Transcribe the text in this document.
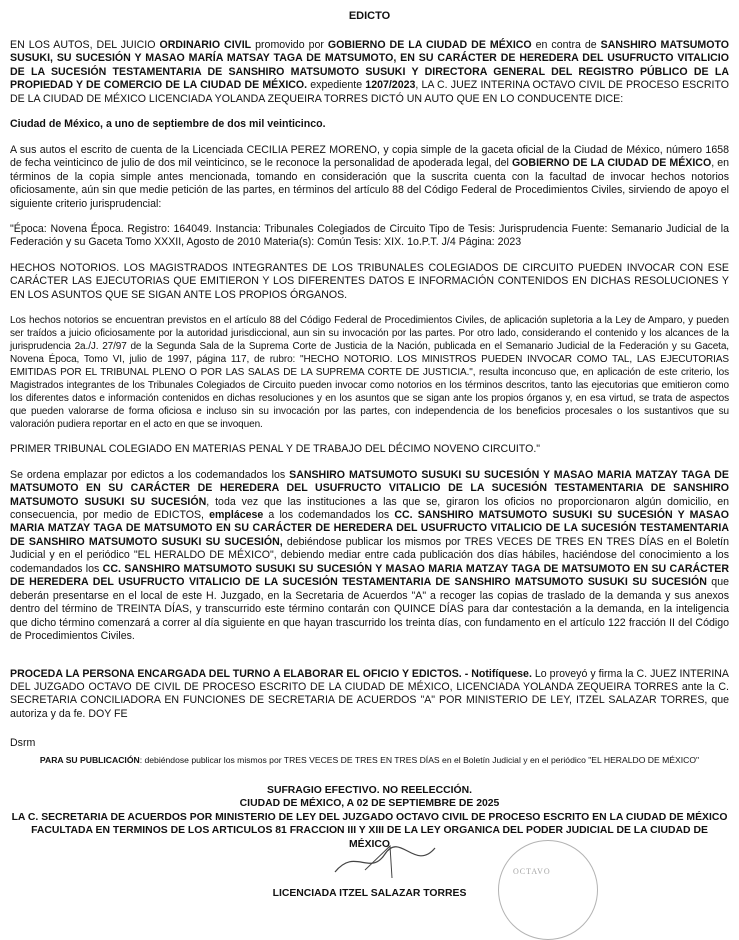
EDICTO

EN LOS AUTOS, DEL JUICIO ORDINARIO CIVIL promovido por GOBIERNO DE LA CIUDAD DE MÉXICO en contra de SANSHIRO MATSUMOTO SUSUKI, SU SUCESIÓN Y MASAO MARÍA MATSAY TAGA DE MATSUMOTO, EN SU CARÁCTER DE HEREDERA DEL USUFRUCTO VITALICIO DE LA SUCESIÓN TESTAMENTARIA DE SANSHIRO MATSUMOTO SUSUKI Y DIRECTORA GENERAL DEL REGISTRO PÚBLICO DE LA PROPIEDAD Y DE COMERCIO DE LA CIUDAD DE MÉXICO. expediente 1207/2023, LA C. JUEZ INTERINA OCTAVO CIVIL DE PROCESO ESCRITO DE LA CIUDAD DE MÉXICO LICENCIADA YOLANDA ZEQUEIRA TORRES DICTÓ UN AUTO QUE EN LO CONDUCENTE DICE:

Ciudad de México, a uno de septiembre de dos mil veinticinco.

A sus autos el escrito de cuenta de la Licenciada CECILIA PEREZ MORENO, y copia simple de la gaceta oficial de la Ciudad de México, número 1658 de fecha veinticinco de julio de dos mil veinticinco, se le reconoce la personalidad de apoderada legal, del GOBIERNO DE LA CIUDAD DE MÉXICO, en términos de la copia simple antes mencionada, tomando en consideración que la suscrita cuenta con la facultad de invocar hechos notorios oficiosamente, aún sin que medie petición de las partes, en términos del artículo 88 del Código Federal de Procedimientos Civiles, sirviendo de apoyo el siguiente criterio jurisprudencial:

"Época: Novena Época. Registro: 164049. Instancia: Tribunales Colegiados de Circuito Tipo de Tesis: Jurisprudencia Fuente: Semanario Judicial de la Federación y su Gaceta Tomo XXXII, Agosto de 2010 Materia(s): Común Tesis: XIX. 1o.P.T. J/4 Página: 2023

HECHOS NOTORIOS. LOS MAGISTRADOS INTEGRANTES DE LOS TRIBUNALES COLEGIADOS DE CIRCUITO PUEDEN INVOCAR CON ESE CARÁCTER LAS EJECUTORIAS QUE EMITIERON Y LOS DIFERENTES DATOS E INFORMACIÓN CONTENIDOS EN DICHAS RESOLUCIONES Y EN LOS ASUNTOS QUE SE SIGAN ANTE LOS PROPIOS ÓRGANOS.

Los hechos notorios se encuentran previstos en el artículo 88 del Código Federal de Procedimientos Civiles, de aplicación supletoria a la Ley de Amparo, y pueden ser traídos a juicio oficiosamente por la autoridad jurisdiccional, aun sin su invocación por las partes. Por otro lado, considerando el contenido y los alcances de la jurisprudencia 2a./J. 27/97 de la Segunda Sala de la Suprema Corte de Justicia de la Nación, publicada en el Semanario Judicial de la Federación y su Gaceta, Novena Época, Tomo VI, julio de 1997, página 117, de rubro: "HECHO NOTORIO. LOS MINISTROS PUEDEN INVOCAR COMO TAL, LAS EJECUTORIAS EMITIDAS POR EL TRIBUNAL PLENO O POR LAS SALAS DE LA SUPREMA CORTE DE JUSTICIA.", resulta inconcuso que, en aplicación de este criterio, los Magistrados integrantes de los Tribunales Colegiados de Circuito pueden invocar como notorios en los términos descritos, tanto las ejecutorias que emitieron como los diferentes datos e información contenidos en dichas resoluciones y en los asuntos que se sigan ante los propios órganos y, en esa virtud, se trata de aspectos que pueden valorarse de forma oficiosa e incluso sin su invocación por las partes, con independencia de los beneficios procesales o los sustantivos que su valoración pudiera reportar en el acto en que se invoquen.

PRIMER TRIBUNAL COLEGIADO EN MATERIAS PENAL Y DE TRABAJO DEL DÉCIMO NOVENO CIRCUITO."

Se ordena emplazar por edictos a los codemandados los SANSHIRO MATSUMOTO SUSUKI SU SUCESIÓN Y MASAO MARIA MATZAY TAGA DE MATSUMOTO EN SU CARÁCTER DE HEREDERA DEL USUFRUCTO VITALICIO DE LA SUCESIÓN TESTAMENTARIA DE SANSHIRO MATSUMOTO SUSUKI SU SUCESIÓN, toda vez que las instituciones a las que se, giraron los oficios no proporcionaron algún domicilio, en consecuencia, por medio de EDICTOS, emplácese a los codemandados los CC. SANSHIRO MATSUMOTO SUSUKI SU SUCESIÓN Y MASAO MARIA MATZAY TAGA DE MATSUMOTO EN SU CARÁCTER DE HEREDERA DEL USUFRUCTO VITALICIO DE LA SUCESIÓN TESTAMENTARIA DE SANSHIRO MATSUMOTO SUSUKI SU SUCESIÓN, debiéndose publicar los mismos por TRES VECES DE TRES EN TRES DÍAS en el Boletín Judicial y en el periódico "EL HERALDO DE MÉXICO", debiendo mediar entre cada publicación dos días hábiles, haciéndose del conocimiento a los codemandados los CC. SANSHIRO MATSUMOTO SUSUKI SU SUCESIÓN Y MASAO MARIA MATZAY TAGA DE MATSUMOTO EN SU CARÁCTER DE HEREDERA DEL USUFRUCTO VITALICIO DE LA SUCESIÓN TESTAMENTARIA DE SANSHIRO MATSUMOTO SUSUKI SU SUCESIÓN que deberán presentarse en el local de este H. Juzgado, en la Secretaria de Acuerdos "A" a recoger las copias de traslado de la demanda y sus anexos dentro del término de TREINTA DÍAS, y transcurrido este término contarán con QUINCE DÍAS para dar contestación a la demanda, en la inteligencia que dicho término comenzará a correr al día siguiente en que hayan trascurrido los treinta días, con fundamento en el artículo 122 fracción II del Código de Procedimientos Civiles.

PROCEDA LA PERSONA ENCARGADA DEL TURNO A ELABORAR EL OFICIO Y EDICTOS. - Notifíquese. Lo proveyó y firma la C. JUEZ INTERINA DEL JUZGADO OCTAVO DE CIVIL DE PROCESO ESCRITO DE LA CIUDAD DE MÉXICO, LICENCIADA YOLANDA ZEQUEIRA TORRES ante la C. SECRETARIA CONCILIADORA EN FUNCIONES DE SECRETARIA DE ACUERDOS "A" POR MINISTERIO DE LEY, ITZEL SALAZAR TORRES, que autoriza y da fe. DOY FE

Dsrm
PARA SU PUBLICACIÓN: debiéndose publicar los mismos por TRES VECES DE TRES EN TRES DÍAS en el Boletín Judicial y en el periódico "EL HERALDO DE MÉXICO"
SUFRAGIO EFECTIVO. NO REELECCIÓN.
CIUDAD DE MÉXICO, A 02 DE SEPTIEMBRE DE 2025
LA C. SECRETARIA DE ACUERDOS POR MINISTERIO DE LEY DEL JUZGADO OCTAVO CIVIL DE PROCESO ESCRITO EN LA CIUDAD DE MÉXICO
FACULTADA EN TERMINOS DE LOS ARTICULOS 81 FRACCION III Y XIII DE LA LEY ORGANICA DEL PODER JUDICIAL DE LA CIUDAD DE MÉXICO
LICENCIADA ITZEL SALAZAR TORRES
OCTAVO
